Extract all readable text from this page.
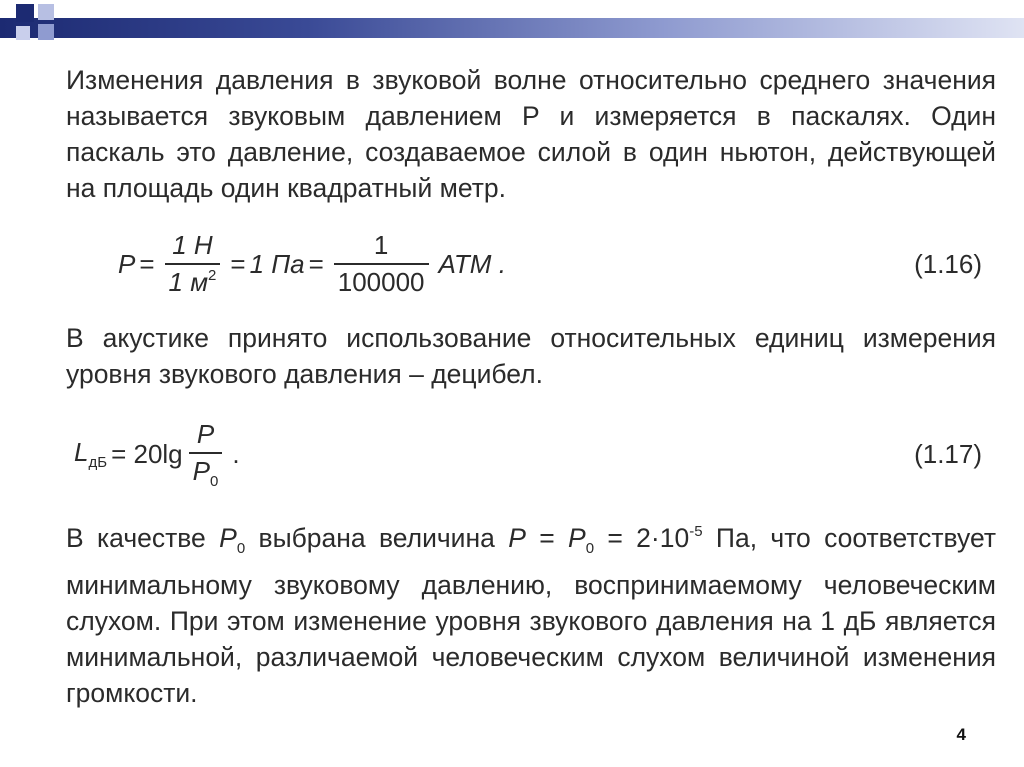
Изменения давления в звуковой волне относительно среднего значения называется звуковым давлением P и измеряется в паскалях. Один паскаль это давление, создаваемое силой в один ньютон, действующей на площадь один квадратный метр.

$P = \frac{1 H}{1 м^2} = 1$ Па = $\frac{1}{100000}$ ATM .	(1.16)

В акустике принято использование относительных единиц измерения уровня звукового давления – децибел.

$L_{дБ} = 20\lg \frac{P}{P_0}$ .	(1.17)

В качестве $P_0$ выбрана величина $P = P_0 = 2\cdot 10^{-5}$ Па, что соответствует минимальному звуковому давлению, воспринимаемому человеческим слухом. При этом изменение уровня звукового давления на 1 дБ является минимальной, различаемой человеческим слухом величиной изменения громкости.

4
